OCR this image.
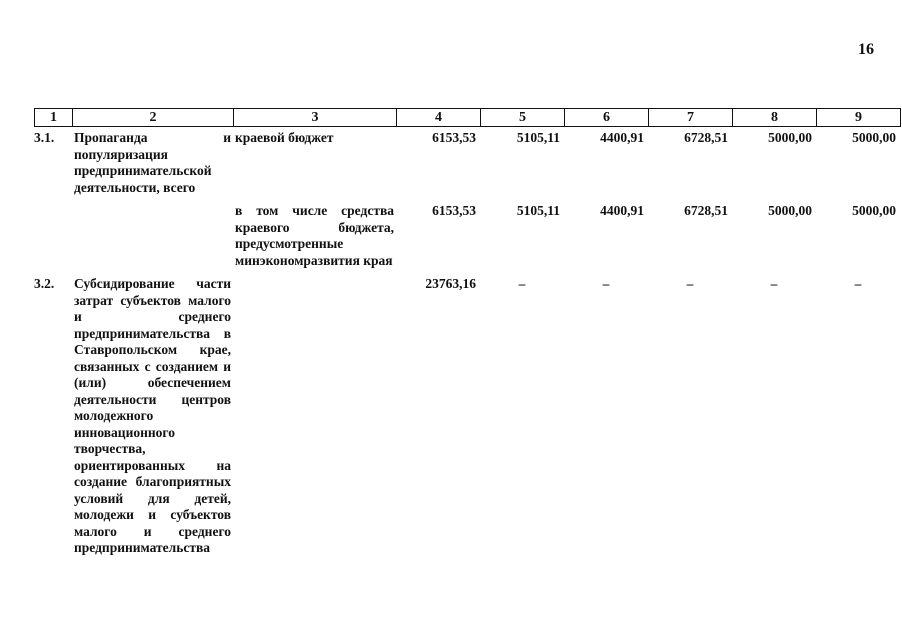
16
1	2	3	4	5	6	7	8	9
3.1.	Пропаганда и популяризация предпринимательской деятельности, всего	краевой бюджет	6153,53	5105,11	4400,91	6728,51	5000,00	5000,00
		в том числе средства краевого бюджета, предусмотренные минэкономразвития края	6153,53	5105,11	4400,91	6728,51	5000,00	5000,00
3.2.	Субсидирование части затрат субъектов малого и среднего предпринимательства в Ставропольском крае, связанных с созданием и (или) обеспечением деятельности центров молодежного инновационного творчества, ориентированных на создание благоприятных условий для детей, молодежи и субъектов малого и среднего предпринимательства		23763,16	–	–	–	–	–
